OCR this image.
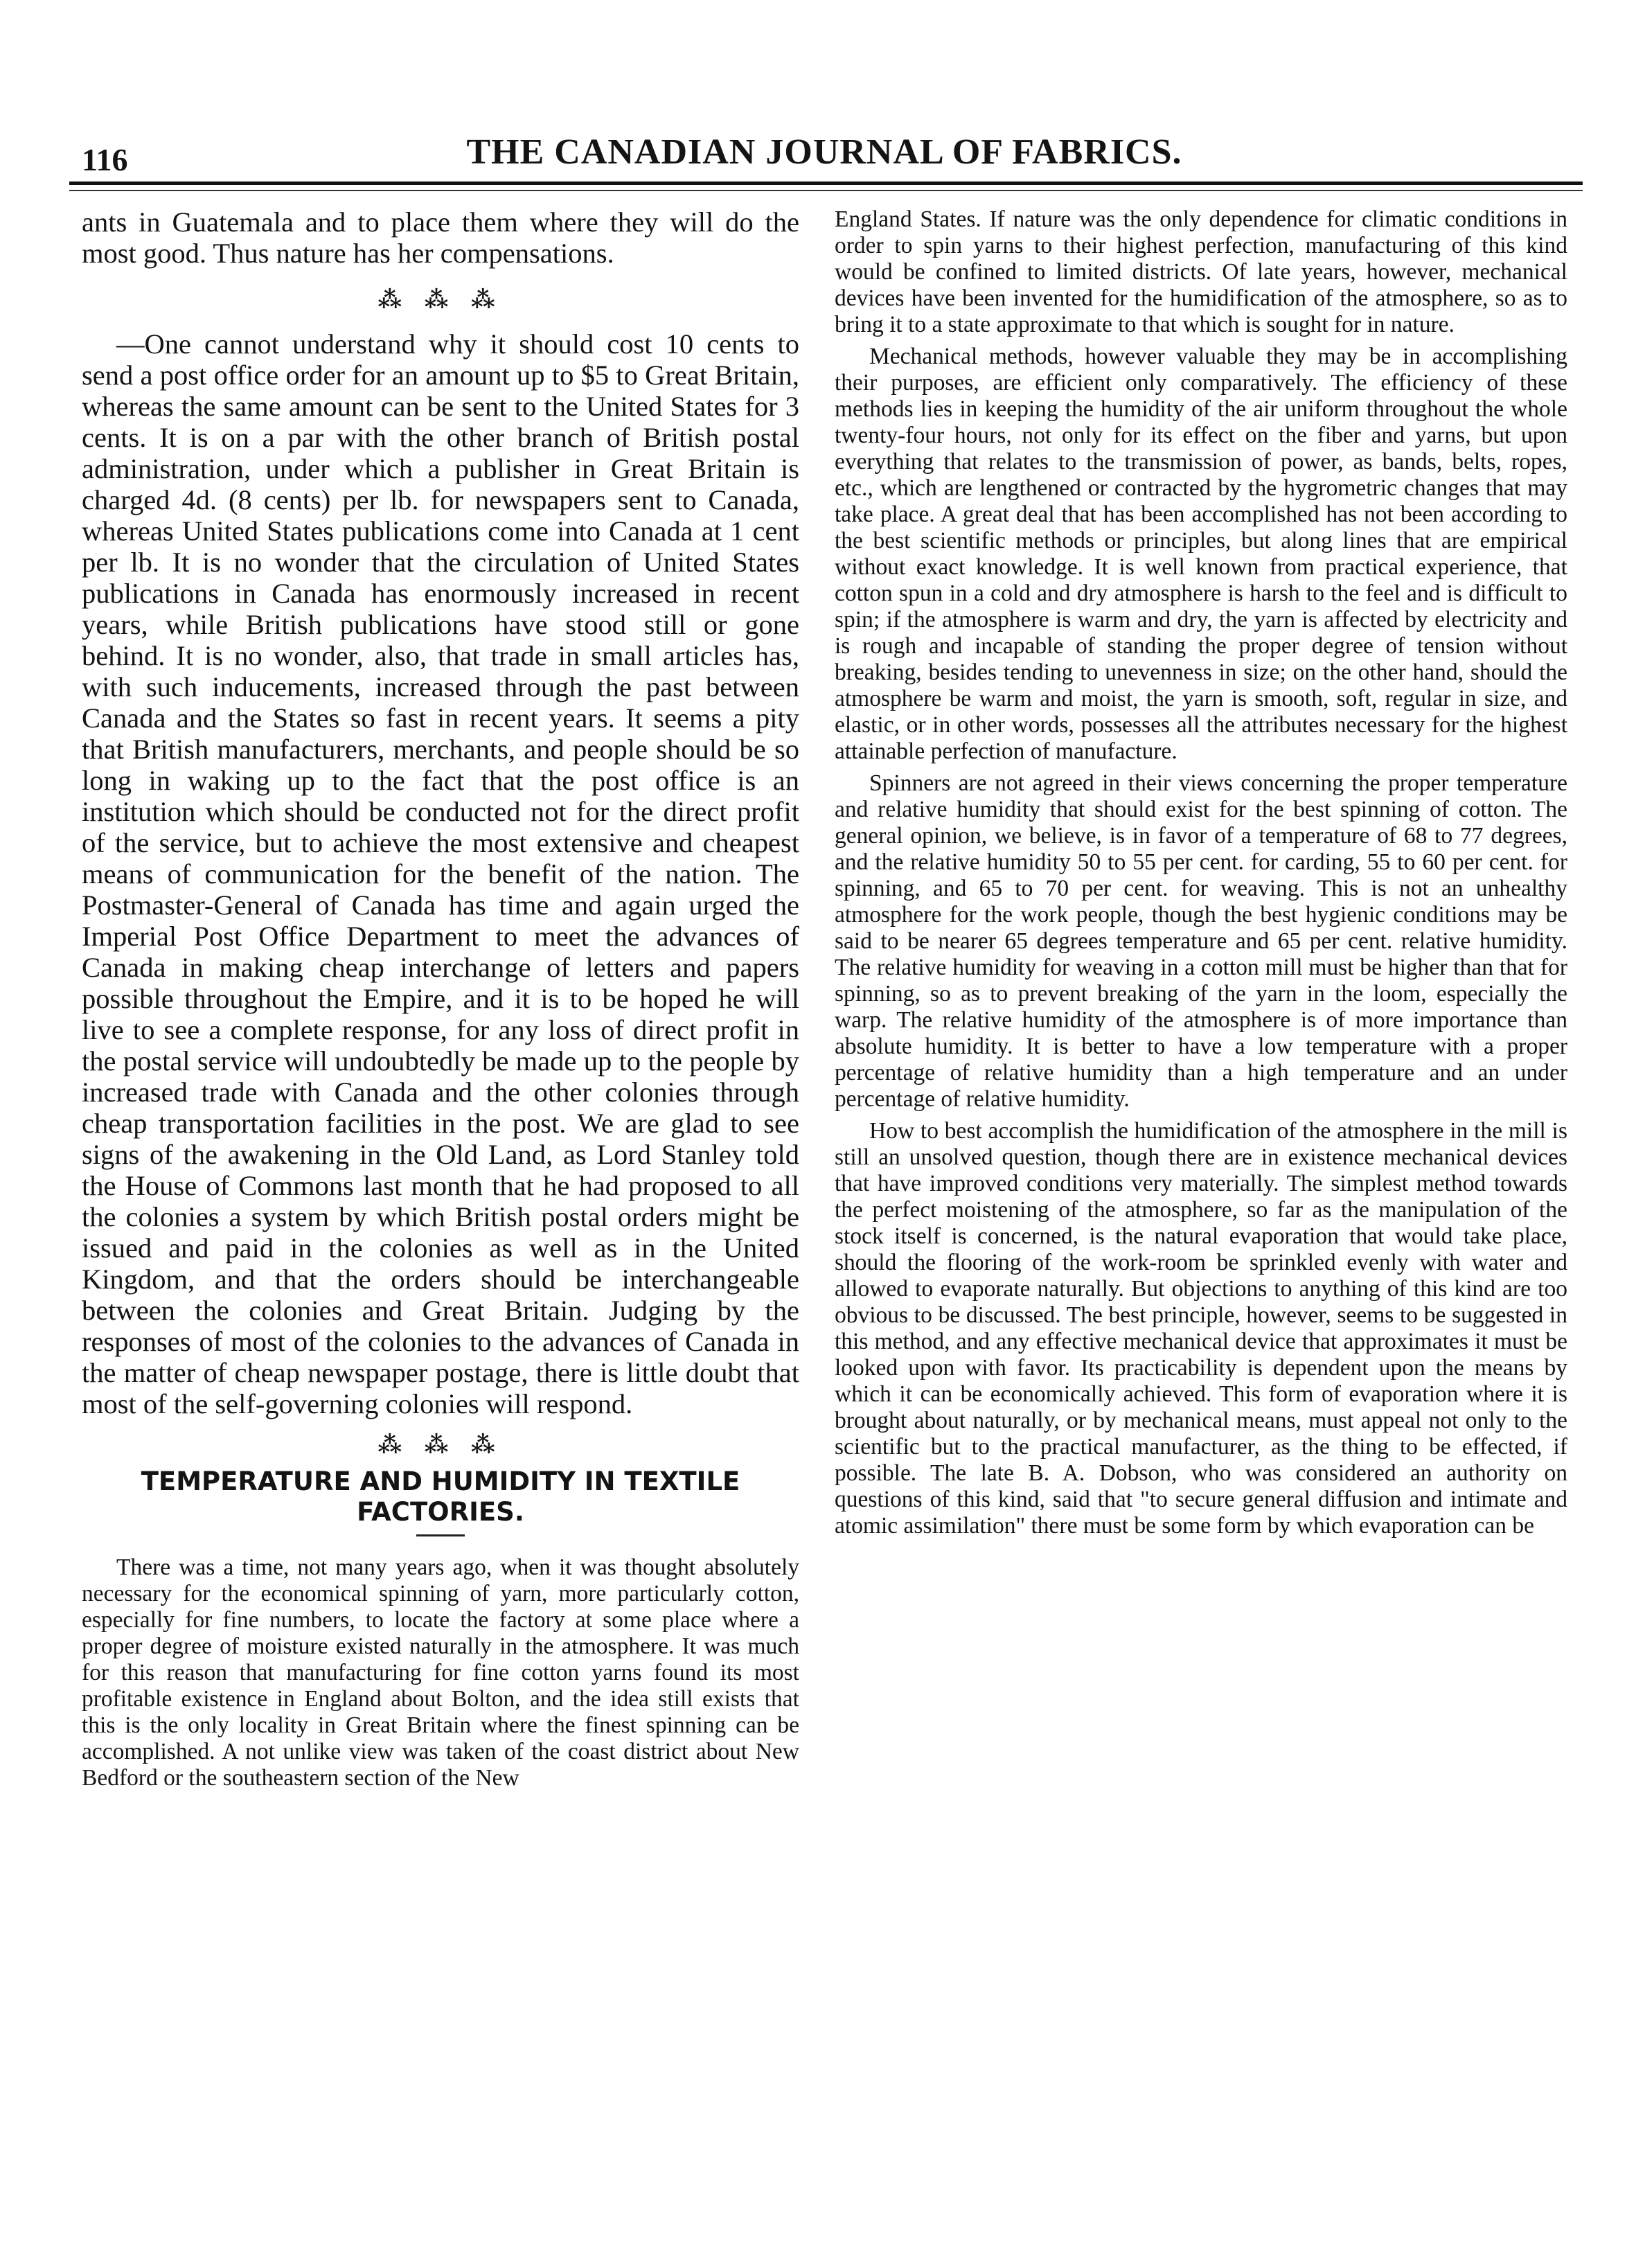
116	THE CANADIAN JOURNAL OF FABRICS.

ants in Guatemala and to place them where they will do the most good. Thus nature has her compensations.

⁂ ⁂ ⁂

—One cannot understand why it should cost 10 cents to send a post office order for an amount up to $5 to Great Britain, whereas the same amount can be sent to the United States for 3 cents. It is on a par with the other branch of British postal administration, under which a publisher in Great Britain is charged 4d. (8 cents) per lb. for newspapers sent to Canada, whereas United States publications come into Canada at 1 cent per lb. It is no wonder that the circulation of United States publications in Canada has enormously increased in recent years, while British publications have stood still or gone behind. It is no wonder, also, that trade in small articles has, with such inducements, increased through the past between Canada and the States so fast in recent years. It seems a pity that British manufacturers, merchants, and people should be so long in waking up to the fact that the post office is an institution which should be conducted not for the direct profit of the service, but to achieve the most extensive and cheapest means of communication for the benefit of the nation. The Postmaster-General of Canada has time and again urged the Imperial Post Office Department to meet the advances of Canada in making cheap interchange of letters and papers possible throughout the Empire, and it is to be hoped he will live to see a complete response, for any loss of direct profit in the postal service will undoubtedly be made up to the people by increased trade with Canada and the other colonies through cheap transportation facilities in the post. We are glad to see signs of the awakening in the Old Land, as Lord Stanley told the House of Commons last month that he had proposed to all the colonies a system by which British postal orders might be issued and paid in the colonies as well as in the United Kingdom, and that the orders should be interchangeable between the colonies and Great Britain. Judging by the responses of most of the colonies to the advances of Canada in the matter of cheap newspaper postage, there is little doubt that most of the self-governing colonies will respond.

⁂ ⁂ ⁂

TEMPERATURE AND HUMIDITY IN TEXTILE FACTORIES.

There was a time, not many years ago, when it was thought absolutely necessary for the economical spinning of yarn, more particularly cotton, especially for fine numbers, to locate the factory at some place where a proper degree of moisture existed naturally in the atmosphere. It was much for this reason that manufacturing for fine cotton yarns found its most profitable existence in England about Bolton, and the idea still exists that this is the only locality in Great Britain where the finest spinning can be accomplished. A not unlike view was taken of the coast district about New Bedford or the southeastern section of the New

England States. If nature was the only dependence for climatic conditions in order to spin yarns to their highest perfection, manufacturing of this kind would be confined to limited districts. Of late years, however, mechanical devices have been invented for the humidification of the atmosphere, so as to bring it to a state approximate to that which is sought for in nature.

Mechanical methods, however valuable they may be in accomplishing their purposes, are efficient only comparatively. The efficiency of these methods lies in keeping the humidity of the air uniform throughout the whole twenty-four hours, not only for its effect on the fiber and yarns, but upon everything that relates to the transmission of power, as bands, belts, ropes, etc., which are lengthened or contracted by the hygrometric changes that may take place. A great deal that has been accomplished has not been according to the best scientific methods or principles, but along lines that are empirical without exact knowledge. It is well known from practical experience, that cotton spun in a cold and dry atmosphere is harsh to the feel and is difficult to spin; if the atmosphere is warm and dry, the yarn is affected by electricity and is rough and incapable of standing the proper degree of tension without breaking, besides tending to unevenness in size; on the other hand, should the atmosphere be warm and moist, the yarn is smooth, soft, regular in size, and elastic, or in other words, possesses all the attributes necessary for the highest attainable perfection of manufacture.

Spinners are not agreed in their views concerning the proper temperature and relative humidity that should exist for the best spinning of cotton. The general opinion, we believe, is in favor of a temperature of 68 to 77 degrees, and the relative humidity 50 to 55 per cent. for carding, 55 to 60 per cent. for spinning, and 65 to 70 per cent. for weaving. This is not an unhealthy atmosphere for the work people, though the best hygienic conditions may be said to be nearer 65 degrees temperature and 65 per cent. relative humidity. The relative humidity for weaving in a cotton mill must be higher than that for spinning, so as to prevent breaking of the yarn in the loom, especially the warp. The relative humidity of the atmosphere is of more importance than absolute humidity. It is better to have a low temperature with a proper percentage of relative humidity than a high temperature and an under percentage of relative humidity.

How to best accomplish the humidification of the atmosphere in the mill is still an unsolved question, though there are in existence mechanical devices that have improved conditions very materially. The simplest method towards the perfect moistening of the atmosphere, so far as the manipulation of the stock itself is concerned, is the natural evaporation that would take place, should the flooring of the work-room be sprinkled evenly with water and allowed to evaporate naturally. But objections to anything of this kind are too obvious to be discussed. The best principle, however, seems to be suggested in this method, and any effective mechanical device that approximates it must be looked upon with favor. Its practicability is dependent upon the means by which it can be economically achieved. This form of evaporation where it is brought about naturally, or by mechanical means, must appeal not only to the scientific but to the practical manufacturer, as the thing to be effected, if possible. The late B. A. Dobson, who was considered an authority on questions of this kind, said that "to secure general diffusion and intimate and atomic assimilation" there must be some form by which evaporation can be
